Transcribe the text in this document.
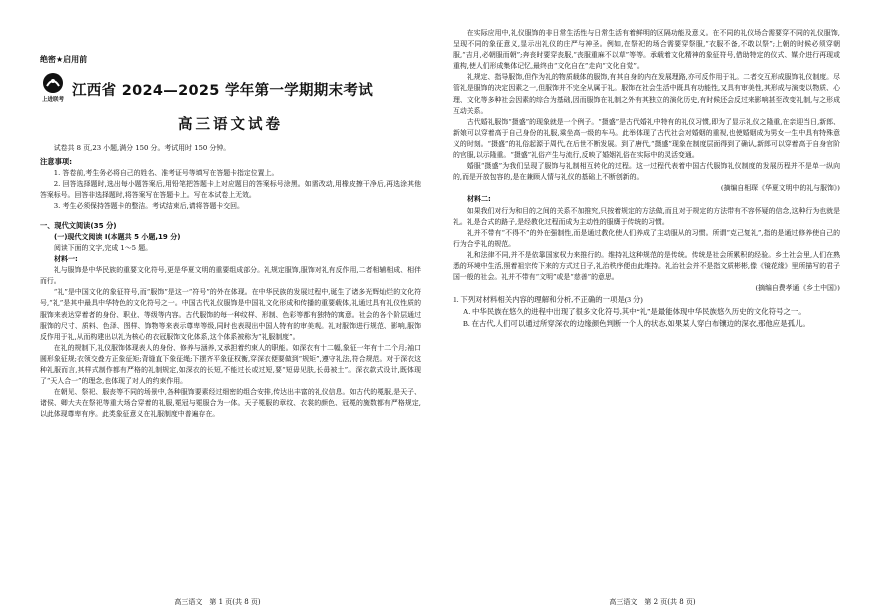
绝密★启用前
上进联考
江西省 2024—2025 学年第一学期期末考试
高三语文试卷

试卷共 8 页,23 小题,满分 150 分。考试用时 150 分钟。

注意事项:

1. 答卷前,考生务必将自己的姓名、准考证号等填写在答题卡指定位置上。

2. 回答选择题时,选出每小题答案后,用铅笔把答题卡上对应题目的答案标号涂黑。如需改动,用橡皮擦干净后,再选涂其他答案标号。回答非选择题时,将答案写在答题卡上。写在本试卷上无效。

3. 考生必须保持答题卡的整洁。考试结束后,请将答题卡交回。

一、现代文阅读(35 分)

(一)现代文阅读 Ⅰ(本题共 5 小题,19 分)

阅读下面的文字,完成 1～5 题。

材料一:

礼与服饰是中华民族的重要文化符号,更是华夏文明的重要组成部分。礼规定服饰,服饰对礼有反作用,二者相辅相成、相伴而行。

“礼”是中国文化的象征符号,而“服饰”是这一“符号”的外在体现。在中华民族的发展过程中,诞生了诸多光辉灿烂的文化符号,“礼”是其中最具中华特色的文化符号之一。中国古代礼仪服饰是中国礼文化形成和传播的重要载体,礼通过具有礼仪性质的服饰来表达穿着者的身份、职业、等级等内容。古代服饰的每一种纹样、形制、色彩等都有独特的寓意。社会的各个阶层通过服饰的尺寸、质料、色泽、图样、饰物等来表示尊卑等级,同时也表现出中国人特有的审美观。礼对服饰进行规范、影响,服饰反作用于礼,从而构建出以礼为核心的衣冠服饰文化体系,这个体系被称为“礼服制度”。

在礼的规制下,礼仪服饰体现表人的身份、修养与涵养,又承担着约束人的职能。如深衣有十二幅,象征一年有十二个月;袖口圆形象征规;衣领交叠方正象征矩;背缝直下象征绳;下摆齐平象征权衡,穿深衣便要做到“规矩”,遵守礼法,符合规范。对于深衣这种礼服而言,其样式制作都有严格的礼制规定,如深衣的长短,不能过长或过短,要“短毋见肤,长毋被土”。深衣款式设计,既体现了“天人合一”的理念,也体现了对人的约束作用。

在朝见、祭祀、服丧等不同的场景中,各种服饰要素经过细密的组合安排,传达出丰富的礼仪信息。如古代的冕服,是天子、诸侯、卿大夫在祭祀等重大场合穿着的礼服,冕冠与冕服合为一体。天子冕服的章纹、衣裳的颜色、冠冕的旒数都有严格规定,以此体现尊卑有序。此类象征意义在礼服制度中普遍存在。

高三语文　第 1 页(共 8 页)

在实际应用中,礼仪服饰的非日常生活性与日常生活有着鲜明的区隔功能及意义。在不同的礼仪场合需要穿不同的礼仪服饰,呈现不同的象征意义,显示出礼仪的庄严与神圣。例如,在祭祀的场合需要穿祭服,“衣服不备,不敢以祭”;上朝的时候必须穿朝服,“吉月,必朝服而朝”;奔丧时要穿丧服,“丧服重麻不以草”等等。承载着文化精神的象征符号,借助特定的仪式、媒介进行再现或重构,使人们形成集体记忆,最终由“文化自在”走向“文化自觉”。

礼规定、指导服饰,但作为礼的物质载体的服饰,有其自身的内在发展理路,亦可反作用于礼。二者交互形成服饰礼仪制度。尽管礼是服饰的决定因素之一,但服饰并不完全从属于礼。服饰在社会生活中既具有功能性,又具有审美性,其形成与演变以物质、心理、文化等多种社会因素的综合为基础,因而服饰在礼制之外有其独立的演化历史,有时候还会反过来影响甚至改变礼制,与之形成互动关系。

古代婚礼服饰“摄盛”的现象就是一个例子。“摄盛”是古代婚礼中特有的礼仪习惯,即为了显示礼仪之隆重,在亲迎当日,新郎、新娘可以穿着高于自己身份的礼服,乘坐高一级的车马。此举体现了古代社会对婚姻的重视,也使婚姻成为男女一生中具有特殊意义的时刻。“摄盛”的礼俗起源于周代,在后世不断发展。到了唐代,“摄盛”现象在制度层面得到了确认,新郎可以穿着高于自身官阶的官服,以示隆重。“摄盛”礼俗产生与流行,反映了婚姻礼俗在实际中的灵活变通。

婚服“摄盛”为我们呈现了服饰与礼制相互转化的过程。这一过程代表着中国古代服饰礼仪制度的发展历程并不是单一纵向的,而是开放包容的,是在兼顾人情与礼仪的基础上不断创新的。

(摘编自相琛《华夏文明中的礼与服饰》)

材料二:

如果我们对行为和目的之间的关系不加推究,只按着规定的方法做,而且对于规定的方法带有不容怀疑的信念,这种行为也就是礼。礼是合式的路子,是经教化过程而成为主动性的服膺于传统的习惯。

礼并不带有“不得不”的外在强制性,而是通过教化使人们养成了主动服从的习惯。所谓“克己复礼”,指的是通过修养使自己的行为合乎礼的规范。

礼和法律不同,并不是依靠国家权力来推行的。维持礼这种规范的是传统。传统是社会所累积的经验。乡土社会里,人们在熟悉的环境中生活,照着祖宗传下来的方式过日子,礼治秩序便由此维持。礼治社会并不是指文质彬彬,像《镜花缘》里所描写的君子国一般的社会。礼并不带有“文明”或是“慈善”的意思。

(摘编自费孝通《乡土中国》)

1. 下列对材料相关内容的理解和分析,不正确的一项是(3 分)

A. 中华民族在悠久的进程中出现了很多文化符号,其中“礼”是最能体现中华民族悠久历史的文化符号之一。

B. 在古代,人们可以通过所穿深衣的边缘颜色判断一个人的状态,如果某人穿白布镶边的深衣,那他应是孤儿。

高三语文　第 2 页(共 8 页)
